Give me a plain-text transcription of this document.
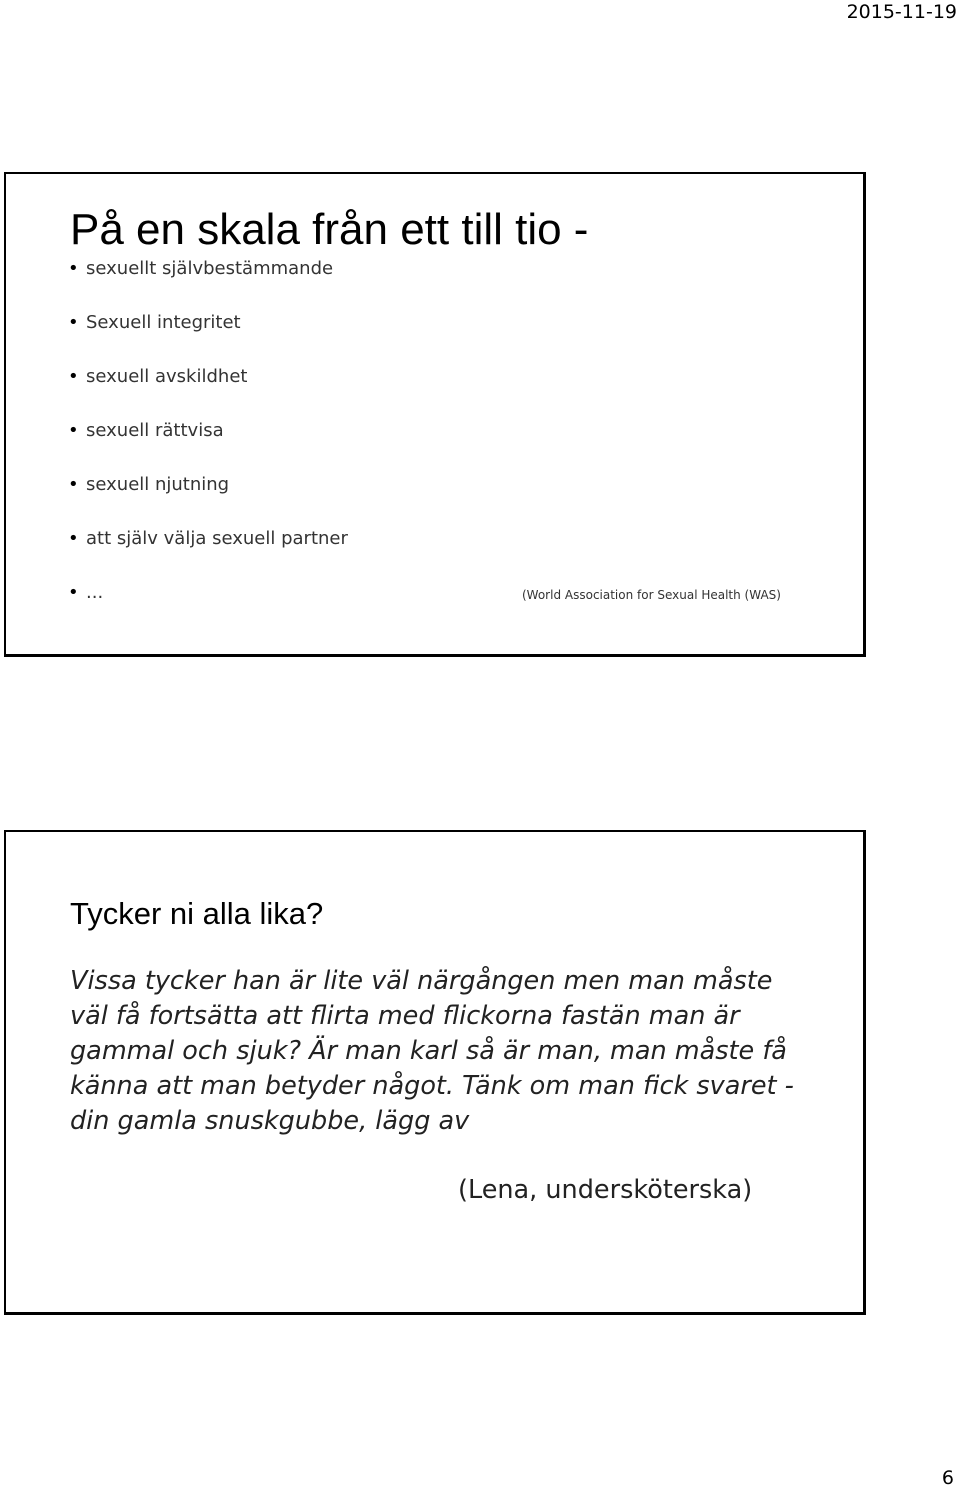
2015-11-19
På en skala från ett till tio -
• sexuellt självbestämmande
• Sexuell integritet
• sexuell avskildhet
• sexuell rättvisa
• sexuell njutning
• att själv välja sexuell partner
• ...	(World Association for Sexual Health (WAS)
Tycker ni alla lika?

Vissa tycker han är lite väl närgången men man måste väl få fortsätta att flirta med flickorna fastän man är gammal och sjuk? Är man karl så är man, man måste få känna att man betyder något. Tänk om man fick svaret - din gamla snuskgubbe, lägg av

(Lena, undersköterska)
6
